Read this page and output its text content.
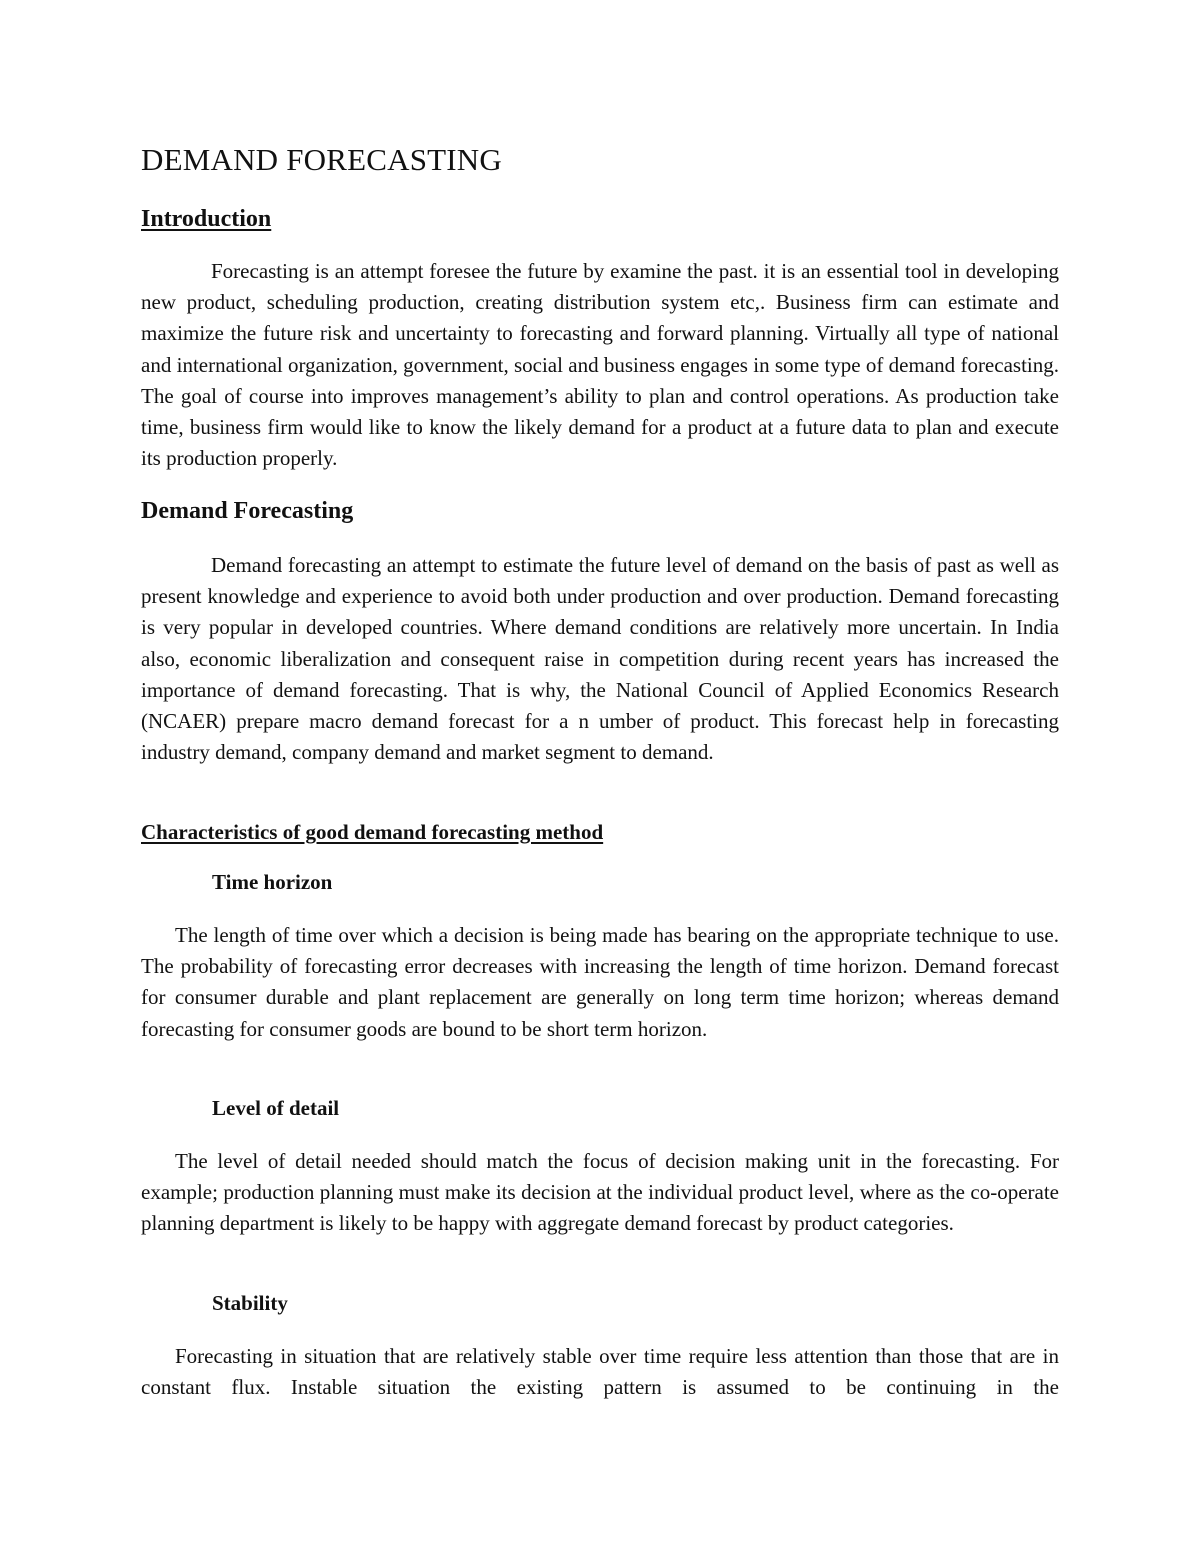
DEMAND FORECASTING
Introduction

Forecasting is an attempt foresee the future by examine the past. it is an essential tool in developing new product, scheduling production, creating distribution system etc,. Business firm can estimate and maximize the future risk and uncertainty to forecasting and forward planning. Virtually all type of national and international organization, government, social and business engages in some type of demand forecasting. The goal of course into improves management’s ability to plan and control operations. As production take time, business firm would like to know the likely demand for a product at a future data to plan and execute its production properly.

Demand Forecasting

Demand forecasting an attempt to estimate the future level of demand on the basis of past as well as present knowledge and experience to avoid both under production and over production. Demand forecasting is very popular in developed countries. Where demand conditions are relatively more uncertain. In India also, economic liberalization and consequent raise in competition during recent years has increased the importance of demand forecasting. That is why, the National Council of Applied Economics Research (NCAER) prepare macro demand forecast for a n umber of product. This forecast help in forecasting industry demand, company demand and market segment to demand.

Characteristics of good demand forecasting method
Time horizon

The length of time over which a decision is being made has bearing on the appropriate technique to use. The probability of forecasting error decreases with increasing the length of time horizon. Demand forecast for consumer durable and plant replacement are generally on long term time horizon; whereas demand forecasting for consumer goods are bound to be short term horizon.

Level of detail

The level of detail needed should match the focus of decision making unit in the forecasting. For example; production planning must make its decision at the individual product level, where as the co-operate planning department is likely to be happy with aggregate demand forecast by product categories.

Stability

Forecasting in situation that are relatively stable over time require less attention than those that are in constant flux. Instable situation the existing pattern is assumed to be continuing in the
